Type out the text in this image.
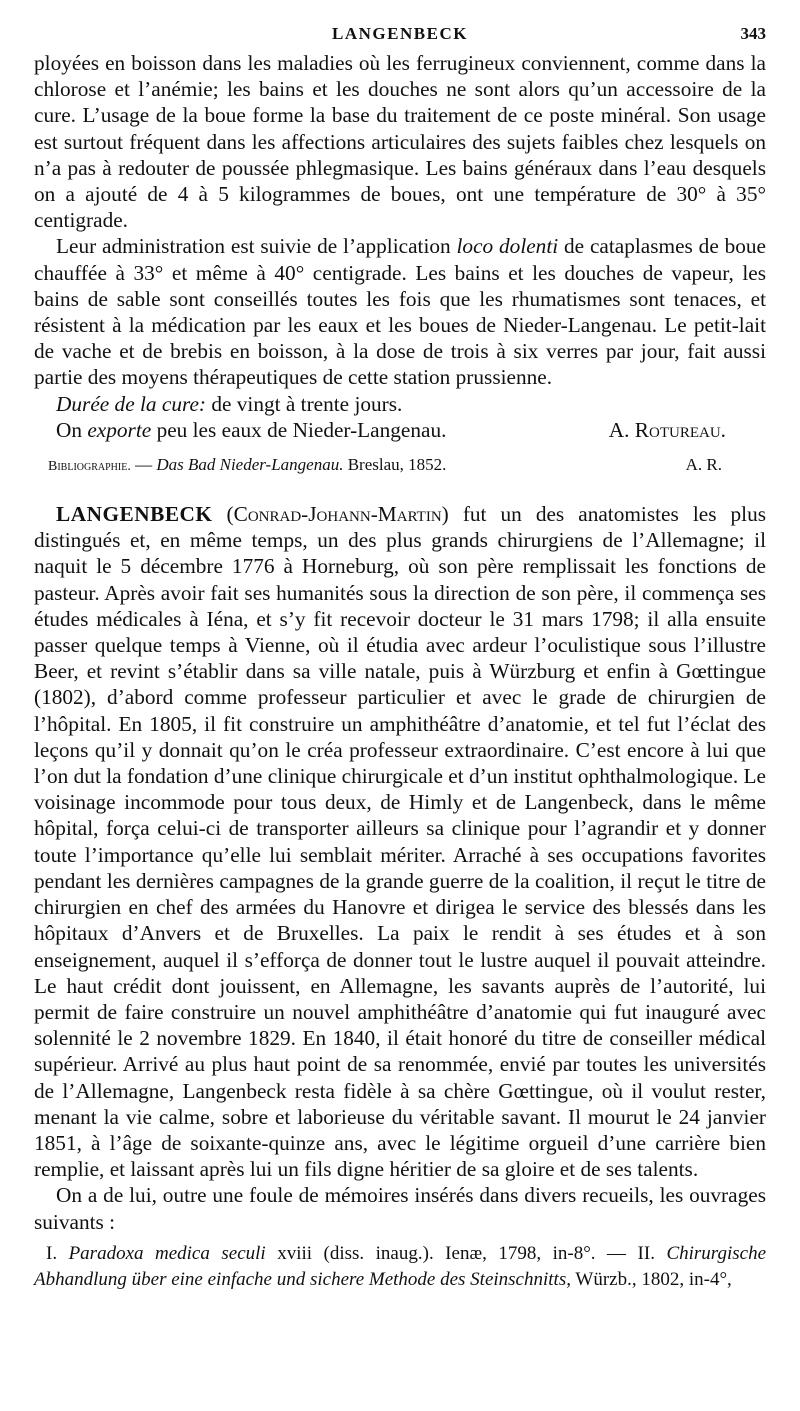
LANGENBECK	343

ployées en boisson dans les maladies où les ferrugineux conviennent, comme dans la chlorose et l’anémie; les bains et les douches ne sont alors qu’un accessoire de la cure. L’usage de la boue forme la base du traitement de ce poste minéral. Son usage est surtout fréquent dans les affections articulaires des sujets faibles chez lesquels on n’a pas à redouter de poussée phlegmasique. Les bains généraux dans l’eau desquels on a ajouté de 4 à 5 kilogrammes de boues, ont une température de 30° à 35° centigrade.

Leur administration est suivie de l’application loco dolenti de cataplasmes de boue chauffée à 33° et même à 40° centigrade. Les bains et les douches de vapeur, les bains de sable sont conseillés toutes les fois que les rhumatismes sont tenaces, et résistent à la médication par les eaux et les boues de Nieder-Langenau. Le petit-lait de vache et de brebis en boisson, à la dose de trois à six verres par jour, fait aussi partie des moyens thérapeutiques de cette station prussienne.

Durée de la cure: de vingt à trente jours.

On exporte peu les eaux de Nieder-Langenau.	A. Rotureau.
Bibliographie. — Das Bad Nieder-Langenau. Breslau, 1852.	A. R.

LANGENBECK (Conrad-Johann-Martin) fut un des anatomistes les plus distingués et, en même temps, un des plus grands chirurgiens de l’Allemagne; il naquit le 5 décembre 1776 à Horneburg, où son père remplissait les fonctions de pasteur. Après avoir fait ses humanités sous la direction de son père, il commença ses études médicales à Iéna, et s’y fit recevoir docteur le 31 mars 1798; il alla ensuite passer quelque temps à Vienne, où il étudia avec ardeur l’oculistique sous l’illustre Beer, et revint s’établir dans sa ville natale, puis à Würzburg et enfin à Gœttingue (1802), d’abord comme professeur particulier et avec le grade de chirurgien de l’hôpital. En 1805, il fit construire un amphithéâtre d’anatomie, et tel fut l’éclat des leçons qu’il y donnait qu’on le créa professeur extraordinaire. C’est encore à lui que l’on dut la fondation d’une clinique chirurgicale et d’un institut ophthalmologique. Le voisinage incommode pour tous deux, de Himly et de Langenbeck, dans le même hôpital, força celui-ci de transporter ailleurs sa clinique pour l’agrandir et y donner toute l’importance qu’elle lui semblait mériter. Arraché à ses occupations favorites pendant les dernières campagnes de la grande guerre de la coalition, il reçut le titre de chirurgien en chef des armées du Hanovre et dirigea le service des blessés dans les hôpitaux d’Anvers et de Bruxelles. La paix le rendit à ses études et à son enseignement, auquel il s’efforça de donner tout le lustre auquel il pouvait atteindre. Le haut crédit dont jouissent, en Allemagne, les savants auprès de l’autorité, lui permit de faire construire un nouvel amphithéâtre d’anatomie qui fut inauguré avec solennité le 2 novembre 1829. En 1840, il était honoré du titre de conseiller médical supérieur. Arrivé au plus haut point de sa renommée, envié par toutes les universités de l’Allemagne, Langenbeck resta fidèle à sa chère Gœttingue, où il voulut rester, menant la vie calme, sobre et laborieuse du véritable savant. Il mourut le 24 janvier 1851, à l’âge de soixante-quinze ans, avec le légitime orgueil d’une carrière bien remplie, et laissant après lui un fils digne héritier de sa gloire et de ses talents.

On a de lui, outre une foule de mémoires insérés dans divers recueils, les ouvrages suivants :

I. Paradoxa medica seculi xviii (diss. inaug.). Ienæ, 1798, in-8°. — II. Chirurgische Abhandlung über eine einfache und sichere Methode des Steinschnitts, Würzb., 1802, in-4°,
